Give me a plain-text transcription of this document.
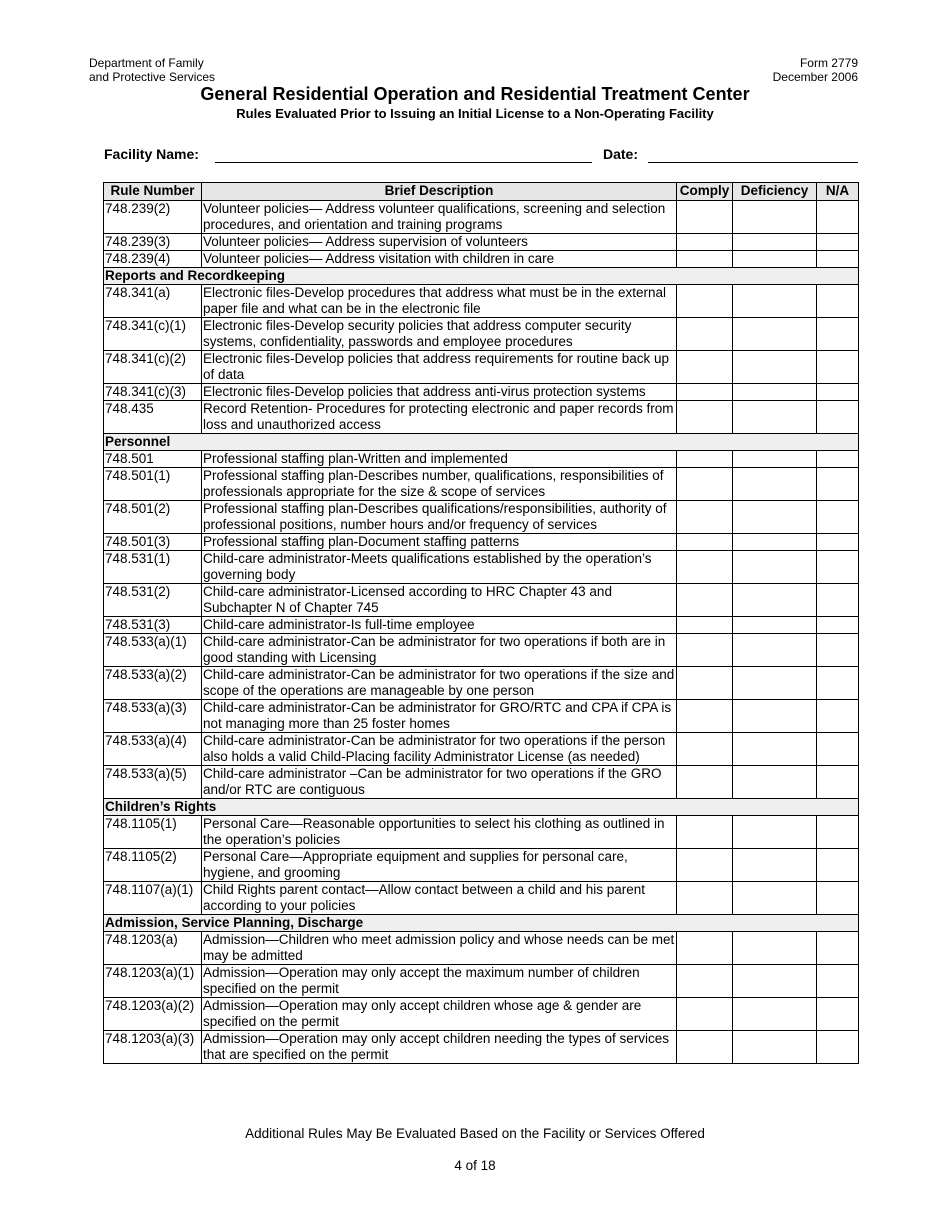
Department of Family
and Protective Services
Form 2779
December 2006
General Residential Operation and Residential Treatment Center
Rules Evaluated Prior to Issuing an Initial License to a Non-Operating Facility
Facility Name:	Date:
Rule Number	Brief Description	Comply	Deficiency	N/A
748.239(2)	Volunteer policies— Address volunteer qualifications, screening and selection procedures, and orientation and training programs			
748.239(3)	Volunteer policies— Address supervision of volunteers			
748.239(4)	Volunteer policies— Address visitation with children in care			
Reports and Recordkeeping				
748.341(a)	Electronic files-Develop procedures that address what must be in the external paper file and what can be in the electronic file			
748.341(c)(1)	Electronic files-Develop security policies that address computer security systems, confidentiality, passwords and employee procedures			
748.341(c)(2)	Electronic files-Develop policies that address requirements for routine back up of data			
748.341(c)(3)	Electronic files-Develop policies that address anti-virus protection systems			
748.435	Record Retention- Procedures for protecting electronic and paper records from loss and unauthorized access			
Personnel				
748.501	Professional staffing plan-Written and implemented			
748.501(1)	Professional staffing plan-Describes number, qualifications, responsibilities of professionals appropriate for the size & scope of services			
748.501(2)	Professional staffing plan-Describes qualifications/responsibilities, authority of professional positions, number hours and/or frequency of services			
748.501(3)	Professional staffing plan-Document staffing patterns			
748.531(1)	Child-care administrator-Meets qualifications established by the operation’s governing body			
748.531(2)	Child-care administrator-Licensed according to HRC Chapter 43 and Subchapter N of Chapter 745			
748.531(3)	Child-care administrator-Is full-time employee			
748.533(a)(1)	Child-care administrator-Can be administrator for two operations if both are in good standing with Licensing			
748.533(a)(2)	Child-care administrator-Can be administrator for two operations if the size and scope of the operations are manageable by one person			
748.533(a)(3)	Child-care administrator-Can be administrator for GRO/RTC and CPA if CPA is not managing more than 25 foster homes			
748.533(a)(4)	Child-care administrator-Can be administrator for two operations if the person also holds a valid Child-Placing facility Administrator License (as needed)			
748.533(a)(5)	Child-care administrator –Can be administrator for two operations if the GRO and/or RTC are contiguous			
Children’s Rights				
748.1105(1)	Personal Care—Reasonable opportunities to select his clothing as outlined in the operation’s policies			
748.1105(2)	Personal Care—Appropriate equipment and supplies for personal care, hygiene, and grooming			
748.1107(a)(1)	Child Rights parent contact—Allow contact between a child and his parent according to your policies			
Admission, Service Planning, Discharge				
748.1203(a)	Admission—Children who meet admission policy and whose needs can be met may be admitted			
748.1203(a)(1)	Admission—Operation may only accept the maximum number of children specified on the permit			
748.1203(a)(2)	Admission—Operation may only accept children whose age & gender are specified on the permit			
748.1203(a)(3)	Admission—Operation may only accept children needing the types of services that are specified on the permit			
Additional Rules May Be Evaluated Based on the Facility or Services Offered
4 of 18
